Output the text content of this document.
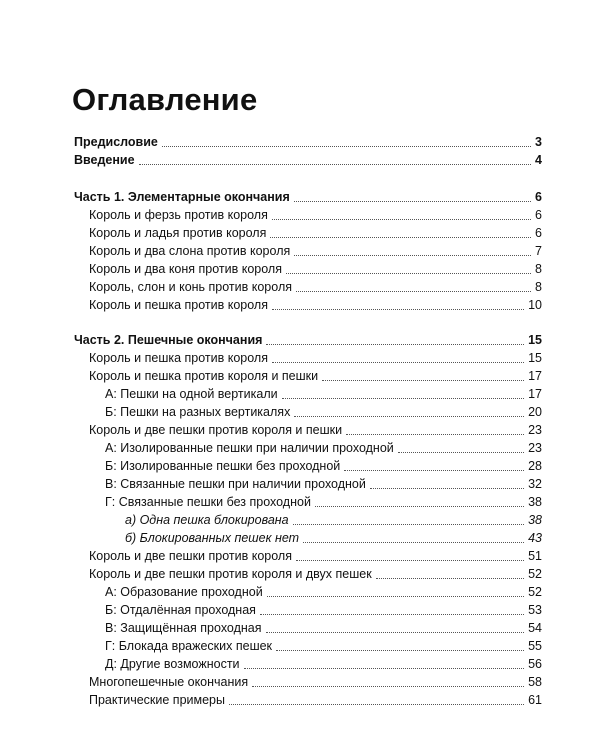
Оглавление
Предисловие	3
Введение	4
Часть 1. Элементарные окончания	6
Король и ферзь против короля	6
Король и ладья против короля	6
Король и два слона против короля	7
Король и два коня против короля	8
Король, слон и конь против короля	8
Король и пешка против короля	10
Часть 2. Пешечные окончания	15
Король и пешка против короля	15
Король и пешка против короля и пешки	17
А: Пешки на одной вертикали	17
Б: Пешки на разных вертикалях	20
Король и две пешки против короля и пешки	23
А: Изолированные пешки при наличии проходной	23
Б: Изолированные пешки без проходной	28
В: Связанные пешки при наличии проходной	32
Г: Связанные пешки без проходной	38
а) Одна пешка блокирована	38
б) Блокированных пешек нет	43
Король и две пешки против короля	51
Король и две пешки против короля и двух пешек	52
А: Образование проходной	52
Б: Отдалённая проходная	53
В: Защищённая проходная	54
Г: Блокада вражеских пешек	55
Д: Другие возможности	56
Многопешечные окончания	58
Практические примеры	61
